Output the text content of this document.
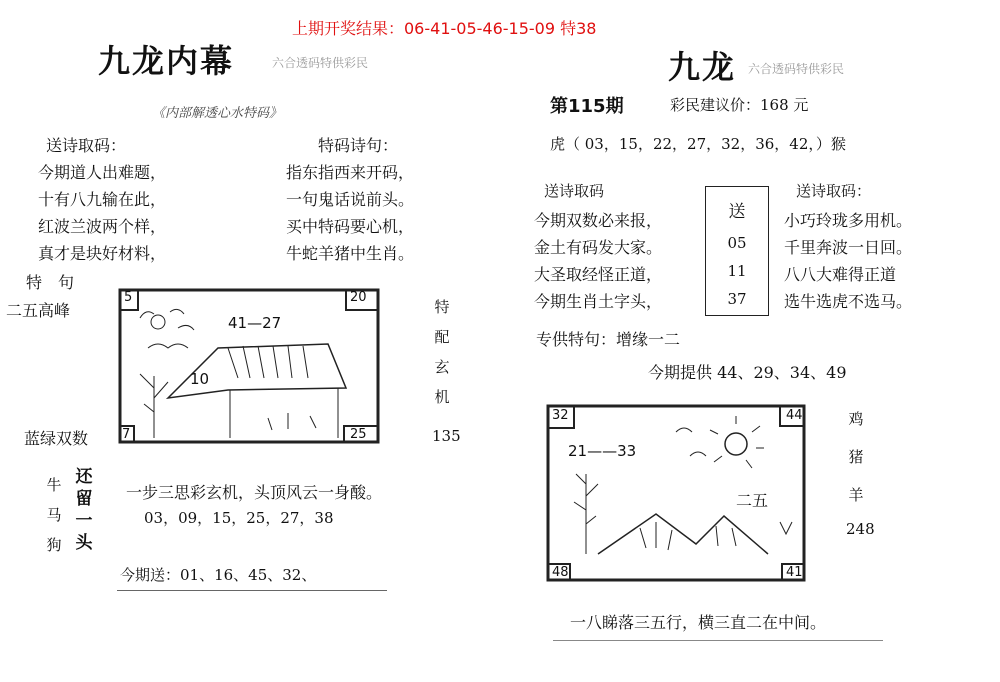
上期开奖结果：06-41-05-46-15-09 特38
九龙内幕	六合透码特供彩民
《内部解透心水特码》
送诗取码：
今期道人出难题，
十有八九输在此，
红波兰波两个样，
真才是块好材料，
特码诗句：
指东指西来开码，
一句鬼话说前头。
买中特码要心机，
牛蛇羊猪中生肖。
特　句
二五高峰
蓝绿双数
5	20
7	25
41—27
10
特
配
玄
机
135
牛
马
狗
还
留
一
头
一步三思彩玄机，头顶风云一身酸。
03，09，15，25，27，38
今期送：01、16、45、32、
九龙 六合透码特供彩民
第115期	彩民建议价：168 元
虎（ 03，15，22，27，32，36，42，）猴
送诗取码
今期双数必来报，
金土有码发大家。
大圣取经怪正道，
今期生肖土字头，
送
05
11
37
送诗取码：
小巧玲珑多用机。
千里奔波一日回。
八八大难得正道
选牛选虎不选马。
专供特句：增缘一二
今期提供 44、29、34、49
32	44
48	41
21——33
二五
鸡
猪
羊
248
一八睇落三五行，横三直二在中间。
